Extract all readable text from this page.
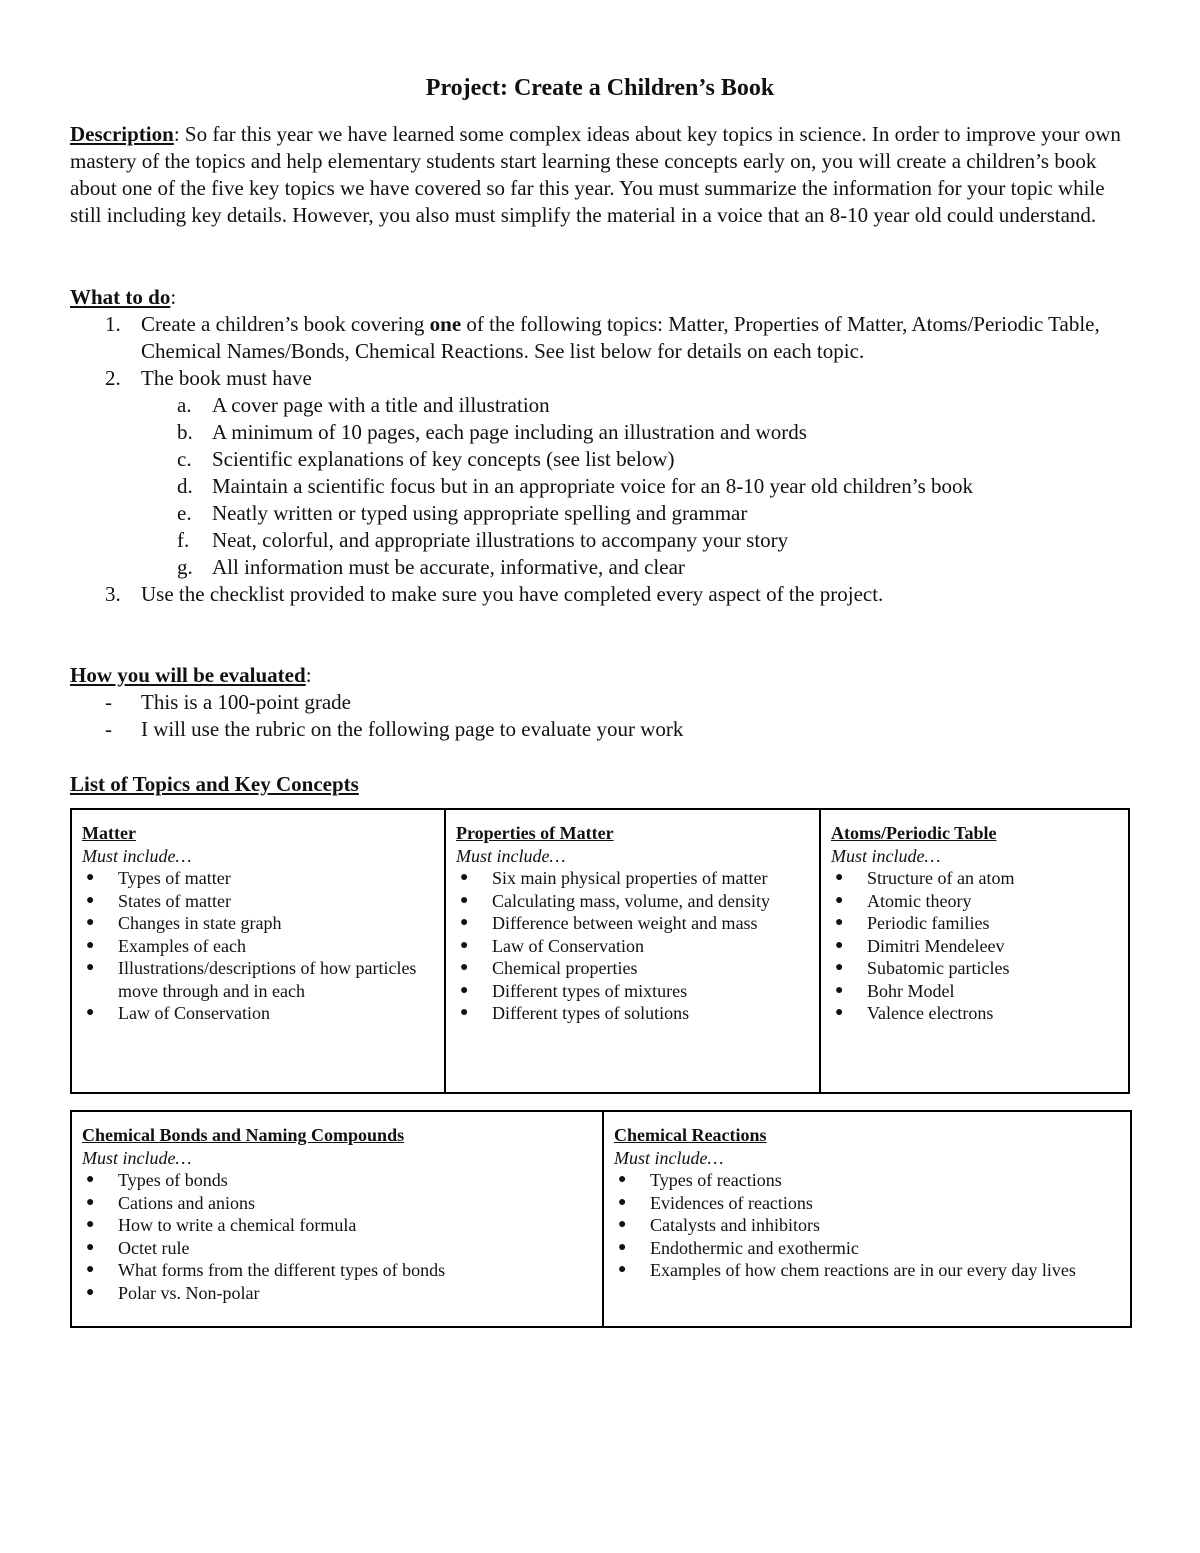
Project: Create a Children’s Book
Description: So far this year we have learned some complex ideas about key topics in science. In order to improve your own mastery of the topics and help elementary students start learning these concepts early on, you will create a children’s book about one of the five key topics we have covered so far this year. You must summarize the information for your topic while still including key details. However, you also must simplify the material in a voice that an 8-10 year old could understand.
What to do:
1. Create a children’s book covering one of the following topics: Matter, Properties of Matter, Atoms/Periodic Table, Chemical Names/Bonds, Chemical Reactions. See list below for details on each topic.
2. The book must have
a. A cover page with a title and illustration
b. A minimum of 10 pages, each page including an illustration and words
c. Scientific explanations of key concepts (see list below)
d. Maintain a scientific focus but in an appropriate voice for an 8-10 year old children’s book
e. Neatly written or typed using appropriate spelling and grammar
f. Neat, colorful, and appropriate illustrations to accompany your story
g. All information must be accurate, informative, and clear
3. Use the checklist provided to make sure you have completed every aspect of the project.
How you will be evaluated:
- This is a 100-point grade
- I will use the rubric on the following page to evaluate your work
List of Topics and Key Concepts
Matter
Must include…
● Types of matter
● States of matter
● Changes in state graph
● Examples of each
● Illustrations/descriptions of how particles move through and in each
● Law of Conservation

Properties of Matter
Must include…
● Six main physical properties of matter
● Calculating mass, volume, and density
● Difference between weight and mass
● Law of Conservation
● Chemical properties
● Different types of mixtures
● Different types of solutions

Atoms/Periodic Table
Must include…
● Structure of an atom
● Atomic theory
● Periodic families
● Dimitri Mendeleev
● Subatomic particles
● Bohr Model
● Valence electrons
Chemical Bonds and Naming Compounds
Must include…
● Types of bonds
● Cations and anions
● How to write a chemical formula
● Octet rule
● What forms from the different types of bonds
● Polar vs. Non-polar

Chemical Reactions
Must include…
● Types of reactions
● Evidences of reactions
● Catalysts and inhibitors
● Endothermic and exothermic
● Examples of how chem reactions are in our every day lives
